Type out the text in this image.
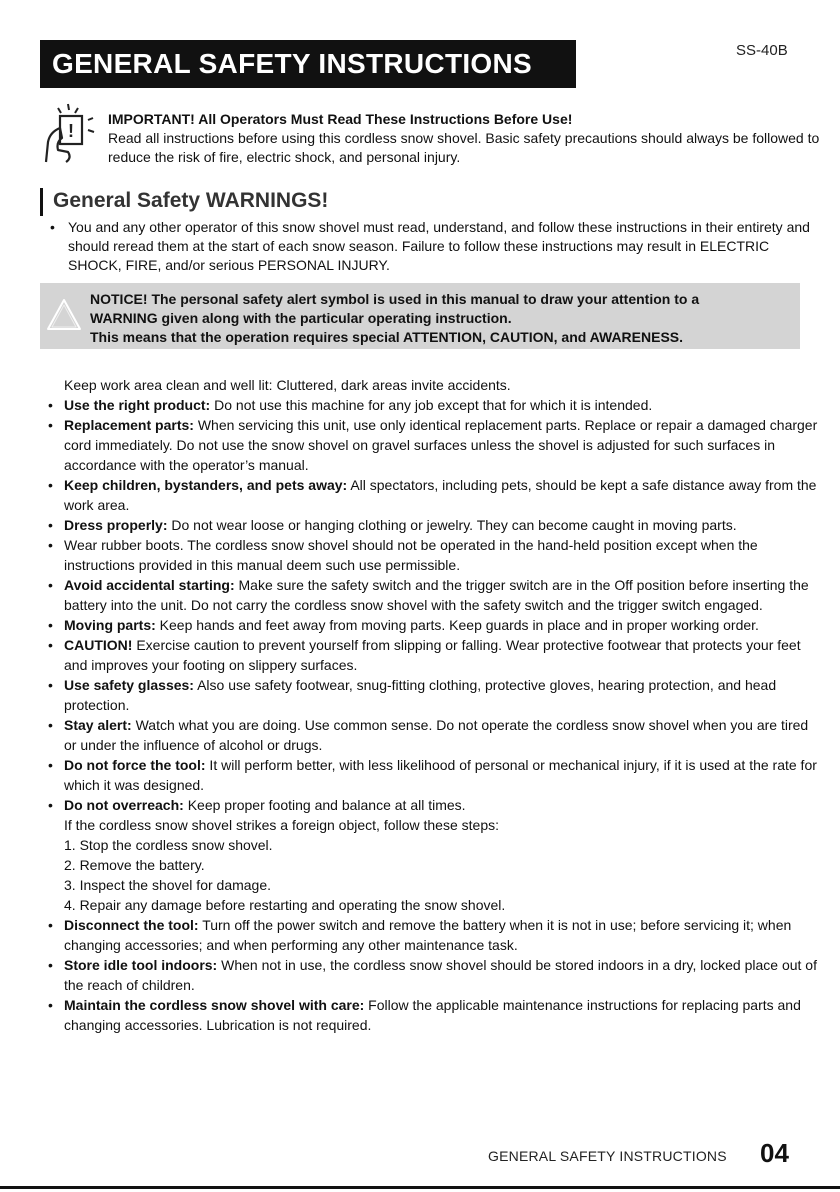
GENERAL SAFETY INSTRUCTIONS	SS-40B
!
IMPORTANT! All Operators Must Read These Instructions Before Use!
Read all instructions before using this cordless snow shovel. Basic safety precautions should always be followed to reduce the risk of fire, electric shock, and personal injury.
General Safety WARNINGS!
• You and any other operator of this snow shovel must read, understand, and follow these instructions in their entirety and should reread them at the start of each snow season. Failure to follow these instructions may result in ELECTRIC SHOCK, FIRE, and/or serious PERSONAL INJURY.
NOTICE! The personal safety alert symbol is used in this manual to draw your attention to a
WARNING given along with the particular operating instruction.
This means that the operation requires special ATTENTION, CAUTION, and AWARENESS.
Keep work area clean and well lit: Cluttered, dark areas invite accidents.
• Use the right product: Do not use this machine for any job except that for which it is intended.
• Replacement parts: When servicing this unit, use only identical replacement parts. Replace or repair a damaged charger cord immediately. Do not use the snow shovel on gravel surfaces unless the shovel is adjusted for such surfaces in accordance with the operator’s manual.
• Keep children, bystanders, and pets away: All spectators, including pets, should be kept a safe distance away from the work area.
• Dress properly: Do not wear loose or hanging clothing or jewelry. They can become caught in moving parts.
• Wear rubber boots. The cordless snow shovel should not be operated in the hand-held position except when the instructions provided in this manual deem such use permissible.
• Avoid accidental starting: Make sure the safety switch and the trigger switch are in the Off position before inserting the battery into the unit. Do not carry the cordless snow shovel with the safety switch and the trigger switch engaged.
• Moving parts: Keep hands and feet away from moving parts. Keep guards in place and in proper working order.
• CAUTION! Exercise caution to prevent yourself from slipping or falling. Wear protective footwear that protects your feet and improves your footing on slippery surfaces.
• Use safety glasses: Also use safety footwear, snug-fitting clothing, protective gloves, hearing protection, and head protection.
• Stay alert: Watch what you are doing. Use common sense. Do not operate the cordless snow shovel when you are tired or under the influence of alcohol or drugs.
• Do not force the tool: It will perform better, with less likelihood of personal or mechanical injury, if it is used at the rate for which it was designed.
• Do not overreach: Keep proper footing and balance at all times.
If the cordless snow shovel strikes a foreign object, follow these steps:
1. Stop the cordless snow shovel.
2. Remove the battery.
3. Inspect the shovel for damage.
4. Repair any damage before restarting and operating the snow shovel.
• Disconnect the tool: Turn off the power switch and remove the battery when it is not in use; before servicing it; when changing accessories; and when performing any other maintenance task.
• Store idle tool indoors: When not in use, the cordless snow shovel should be stored indoors in a dry, locked place out of the reach of children.
• Maintain the cordless snow shovel with care: Follow the applicable maintenance instructions for replacing parts and changing accessories. Lubrication is not required.
GENERAL SAFETY INSTRUCTIONS 04
